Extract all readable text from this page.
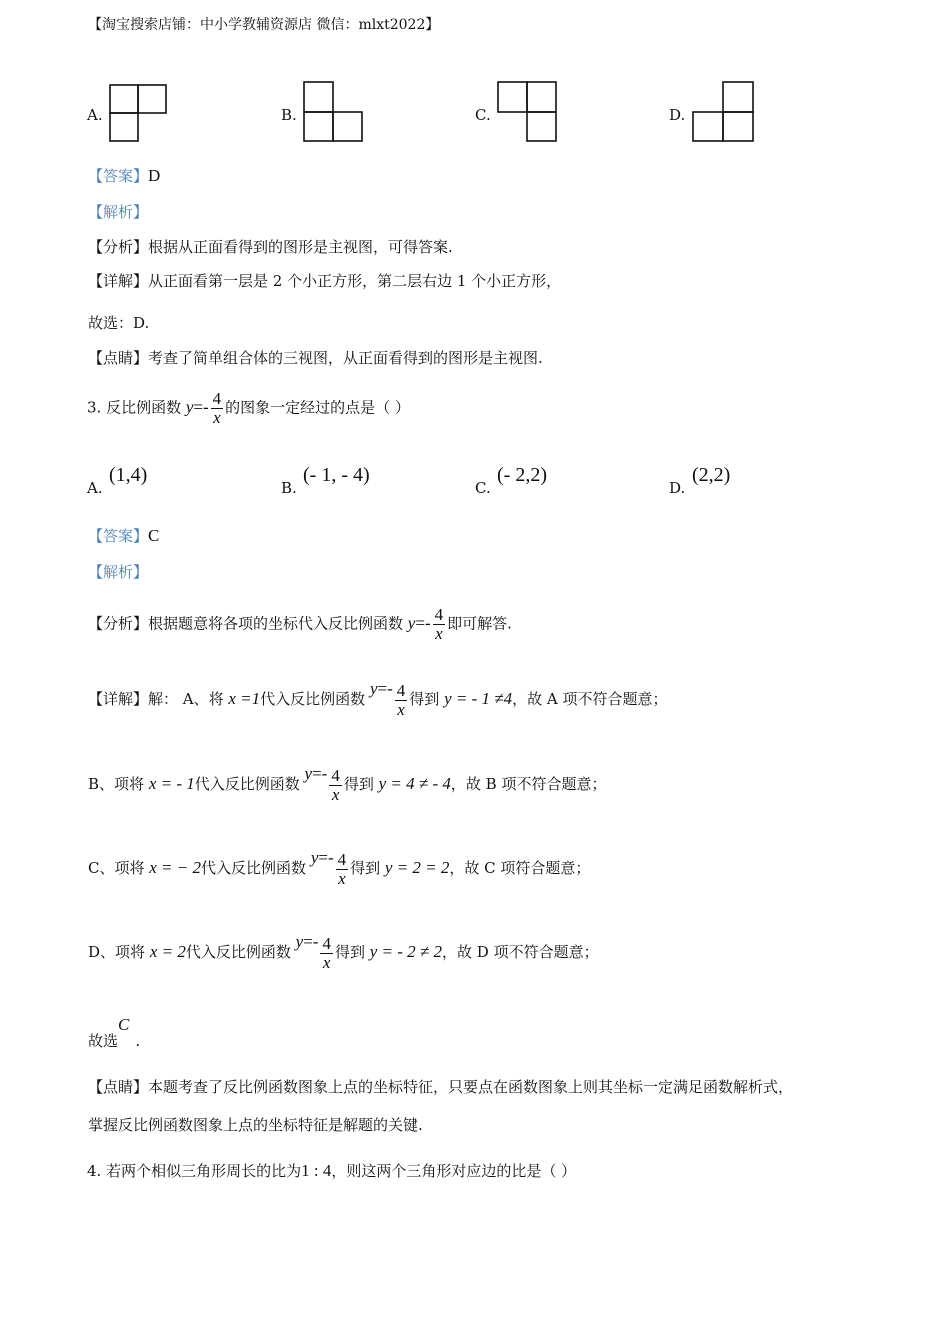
【淘宝搜索店铺：中小学教辅资源店 微信：mlxt2022】
A.	B.	C.	D.
【答案】D
【解析】
【分析】根据从正面看得到的图形是主视图，可得答案.
【详解】从正面看第一层是 2 个小正方形，第二层右边 1 个小正方形，
故选：D.
【点睛】考查了简单组合体的三视图，从正面看得到的图形是主视图.
3. 反比例函数 $y=- \frac{4}{x}$ 的图象一定经过的点是（ ）
A.
(1,4)
B.
(- 1, - 4)
C.
(- 2,2)
D.
(2,2)
【答案】C
【解析】
【分析】根据题意将各项的坐标代入反比例函数 $y=- \frac{4}{x}$ 即可解答.
【详解】解： A、将 x =1代入反比例函数 $y=- \frac{4}{x}$ 得到 y = - 1 ≠4，故 A 项不符合题意；
B、项将 x = - 1代入反比例函数 $y=- \frac{4}{x}$ 得到 y = 4 ≠ - 4，故 B 项不符合题意；
C、项将 x = − 2代入反比例函数 $y=- \frac{4}{x}$ 得到 y = 2 = 2，故 C 项符合题意；
D、项将 x = 2代入反比例函数 $y=- \frac{4}{x}$ 得到 y = - 2 ≠ 2，故 D 项不符合题意；
故选C.
【点睛】本题考查了反比例函数图象上点的坐标特征，只要点在函数图象上则其坐标一定满足函数解析式，
掌握反比例函数图象上点的坐标特征是解题的关键.
4. 若两个相似三角形周长的比为1 : 4，则这两个三角形对应边的比是（ ）
